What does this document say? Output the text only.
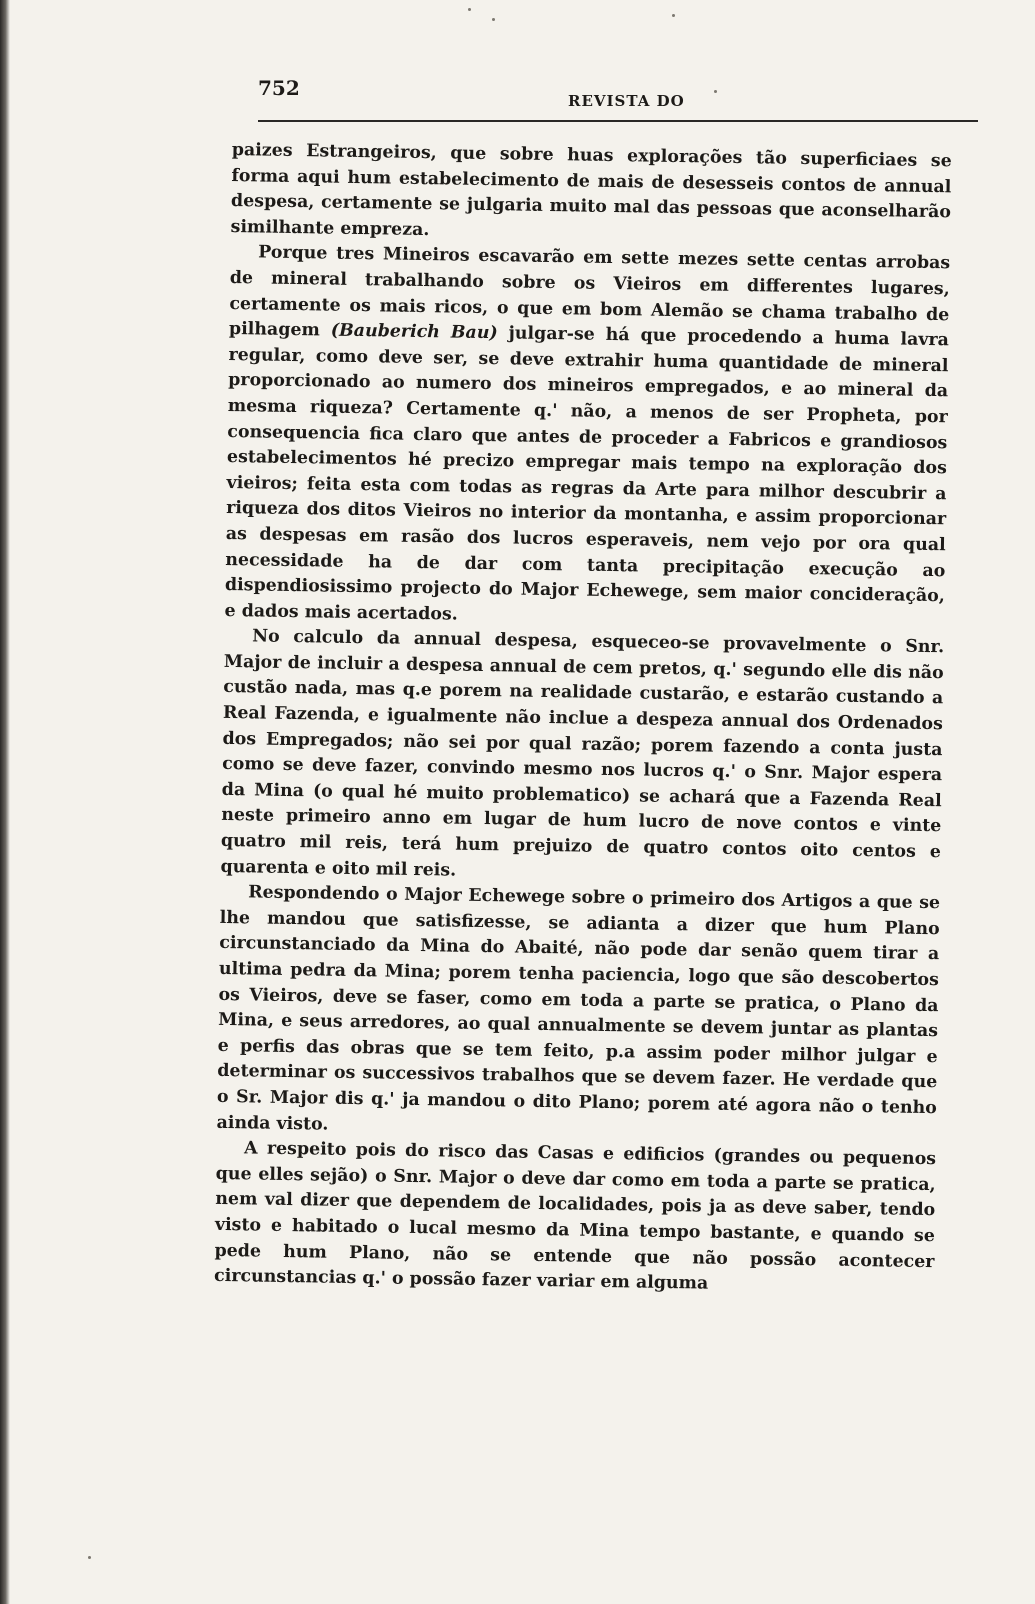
752
REVISTA DO

paizes Estrangeiros, que sobre huas explorações tão superficiaes se forma aqui hum estabelecimento de mais de desesseis contos de annual despesa, certamente se julgaria muito mal das pessoas que aconselharão similhante empreza.

Porque tres Mineiros escavarão em sette mezes sette centas arrobas de mineral trabalhando sobre os Vieiros em differentes lugares, certamente os mais ricos, o que em bom Alemão se chama trabalho de pilhagem (Bauberich Bau) julgar-se há que procedendo a huma lavra regular, como deve ser, se deve extrahir huma quantidade de mineral proporcionado ao numero dos mineiros empregados, e ao mineral da mesma riqueza? Certamente q.' não, a menos de ser Propheta, por consequencia fica claro que antes de proceder a Fabricos e grandiosos estabelecimentos hé precizo empregar mais tempo na exploração dos vieiros; feita esta com todas as regras da Arte para milhor descubrir a riqueza dos ditos Vieiros no interior da montanha, e assim proporcionar as despesas em rasão dos lucros esperaveis, nem vejo por ora qual necessidade ha de dar com tanta precipitação execução ao dispendiosissimo projecto do Major Echewege, sem maior concideração, e dados mais acertados.

No calculo da annual despesa, esqueceo-se provavelmente o Snr. Major de incluir a despesa annual de cem pretos, q.' segundo elle dis não custão nada, mas q.e porem na realidade custarão, e estarão custando a Real Fazenda, e igualmente não inclue a despeza annual dos Ordenados dos Empregados; não sei por qual razão; porem fazendo a conta justa como se deve fazer, convindo mesmo nos lucros q.' o Snr. Major espera da Mina (o qual hé muito problematico) se achará que a Fazenda Real neste primeiro anno em lugar de hum lucro de nove contos e vinte quatro mil reis, terá hum prejuizo de quatro contos oito centos e quarenta e oito mil reis.

Respondendo o Major Echewege sobre o primeiro dos Artigos a que se lhe mandou que satisfizesse, se adianta a dizer que hum Plano circunstanciado da Mina do Abaité, não pode dar senão quem tirar a ultima pedra da Mina; porem tenha paciencia, logo que são descobertos os Vieiros, deve se faser, como em toda a parte se pratica, o Plano da Mina, e seus arredores, ao qual annualmente se devem juntar as plantas e perfis das obras que se tem feito, p.a assim poder milhor julgar e determinar os successivos trabalhos que se devem fazer. He verdade que o Sr. Major dis q.' ja mandou o dito Plano; porem até agora não o tenho ainda visto.

A respeito pois do risco das Casas e edificios (grandes ou pequenos que elles sejão) o Snr. Major o deve dar como em toda a parte se pratica, nem val dizer que dependem de localidades, pois ja as deve saber, tendo visto e habitado o lucal mesmo da Mina tempo bastante, e quando se pede hum Plano, não se entende que não possão acontecer circunstancias q.' o possão fazer variar em alguma
